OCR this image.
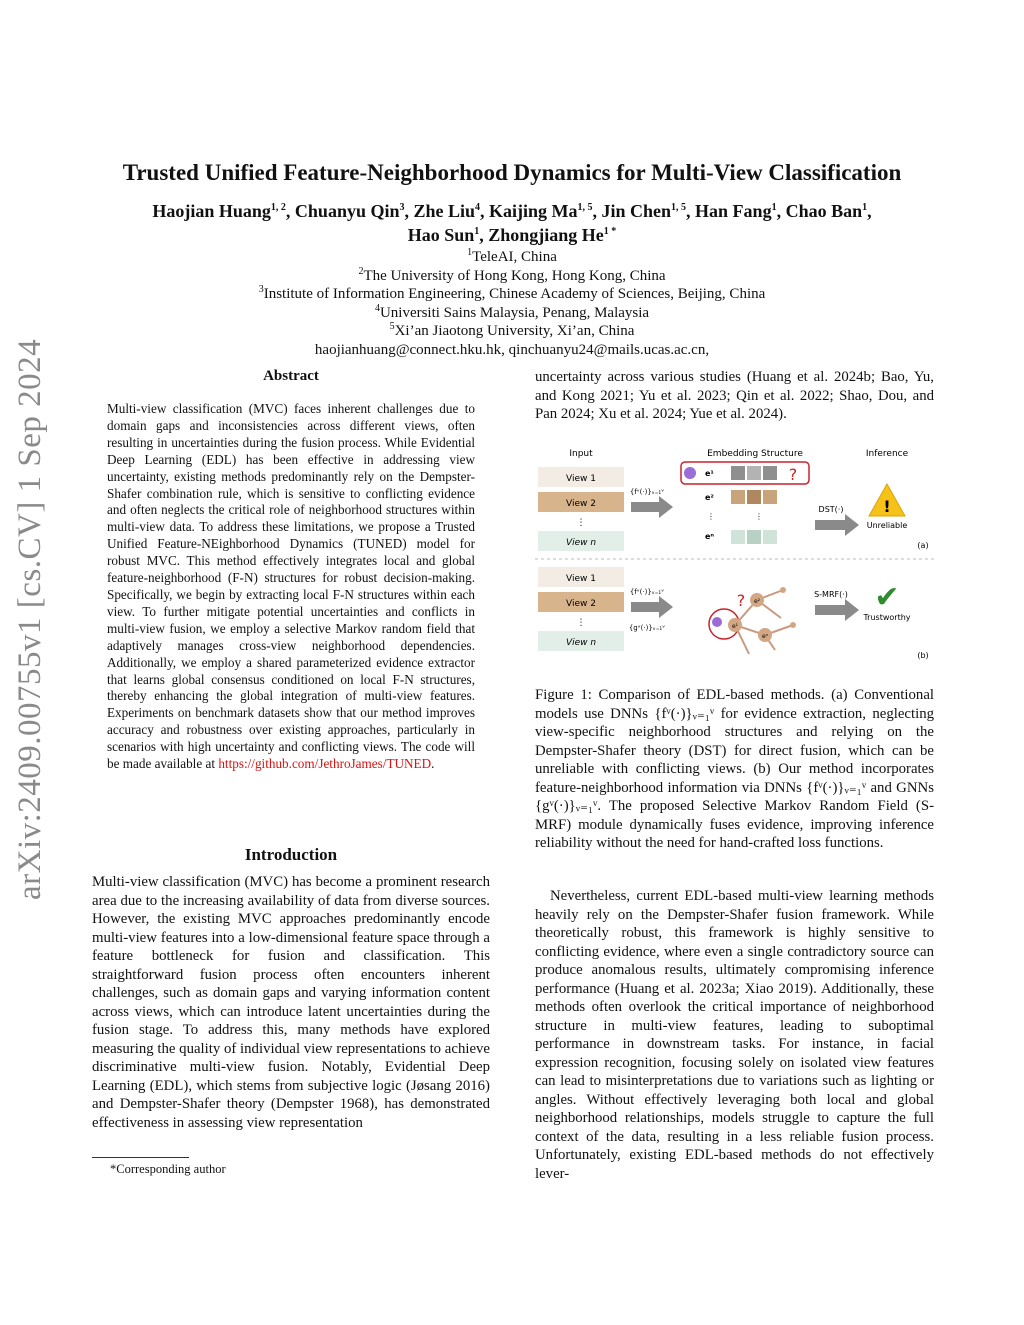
arXiv:2409.00755v1 [cs.CV] 1 Sep 2024
Trusted Unified Feature-Neighborhood Dynamics for Multi-View Classification
Haojian Huang$^{1, 2}$, Chuanyu Qin$^3$, Zhe Liu$^4$, Kaijing Ma$^{1, 5}$, Jin Chen$^{1, 5}$, Han Fang$^1$, Chao Ban$^1$,
Hao Sun$^1$, Zhongjiang $He^{1 *}$
$^1$TeleAI, China
$^2$The University of Hong Kong, Hong Kong, China
$^3$Institute of Information Engineering, Chinese Academy of Sciences, Beijing, China
$^4$Universiti Sains Malaysia, Penang, Malaysia
$^5$Xi’an Jiaotong University, Xi’an, China
haojianhuang@connect.hku.hk, qinchuanyu24@mails.ucas.ac.cn,
Abstract
Multi-view classification (MVC) faces inherent challenges due to domain gaps and inconsistencies across different views, often resulting in uncertainties during the fusion process. While Evidential Deep Learning (EDL) has been effective in addressing view uncertainty, existing methods predominantly rely on the Dempster-Shafer combination rule, which is sensitive to conflicting evidence and often neglects the critical role of neighborhood structures within multi-view data. To address these limitations, we propose a Trusted Unified Feature-NEighborhood Dynamics (TUNED) model for robust MVC. This method effectively integrates local and global feature-neighborhood (F-N) structures for robust decision-making. Specifically, we begin by extracting local F-N structures within each view. To further mitigate potential uncertainties and conflicts in multi-view fusion, we employ a selective Markov random field that adaptively manages cross-view neighborhood dependencies. Additionally, we employ a shared parameterized evidence extractor that learns global consensus conditioned on local F-N structures, thereby enhancing the global integration of multi-view features. Experiments on benchmark datasets show that our method improves accuracy and robustness over existing approaches, particularly in scenarios with high uncertainty and conflicting views. The code will be made available at https://github.com/JethroJames/TUNED.
Introduction
Multi-view classification (MVC) has become a prominent research area due to the increasing availability of data from diverse sources. However, the existing MVC approaches predominantly encode multi-view features into a low-dimensional feature space through a feature bottleneck for fusion and classification. This straightforward fusion process often encounters inherent challenges, such as domain gaps and varying information content across views, which can introduce latent uncertainties during the fusion stage. To address this, many methods have explored measuring the quality of individual view representations to achieve discriminative multi-view fusion. Notably, Evidential Deep Learning (EDL), which stems from subjective logic (Jøsang 2016) and Dempster-Shafer theory (Dempster 1968), has demonstrated effectiveness in assessing view representation
*Corresponding author
uncertainty across various studies (Huang et al. 2024b; Bao, Yu, and Kong 2021; Yu et al. 2023; Qin et al. 2022; Shao, Dou, and Pan 2024; Xu et al. 2024; Yue et al. 2024).
Input	Embedding Structure	Inference
View 1
View 2
⋮
View n
{fᵛ(·)}ᵥ₌₁ᵛ
e¹	?
e²
⋮	⋮
eⁿ
DST(·) !
Unreliable
(a)
View 1
View 2
⋮
View n
{fᵛ(·)}ᵥ₌₁ᵛ
{gᵛ(·)}ᵥ₌₁ᵛ
e²
e¹
eⁿ
?	S-MRF(·) ✔
Trustworthy
(b)
Figure 1: Comparison of EDL-based methods. (a) Conventional models use DNNs {fᵛ(·)}ᵥ₌₁ᵛ for evidence extraction, neglecting view-specific neighborhood structures and relying on the Dempster-Shafer theory (DST) for direct fusion, which can be unreliable with conflicting views. (b) Our method incorporates feature-neighborhood information via DNNs {fᵛ(·)}ᵥ₌₁ᵛ and GNNs {gᵛ(·)}ᵥ₌₁ᵛ. The proposed Selective Markov Random Field (S-MRF) module dynamically fuses evidence, improving inference reliability without the need for hand-crafted loss functions.
Nevertheless, current EDL-based multi-view learning methods heavily rely on the Dempster-Shafer fusion framework. While theoretically robust, this framework is highly sensitive to conflicting evidence, where even a single contradictory source can produce anomalous results, ultimately compromising inference performance (Huang et al. 2023a; Xiao 2019). Additionally, these methods often overlook the critical importance of neighborhood structure in multi-view features, leading to suboptimal performance in downstream tasks. For instance, in facial expression recognition, focusing solely on isolated view features can lead to misinterpretations due to variations such as lighting or angles. Without effectively leveraging both local and global neighborhood relationships, models struggle to capture the full context of the data, resulting in a less reliable fusion process. Unfortunately, existing EDL-based methods do not effectively lever-
